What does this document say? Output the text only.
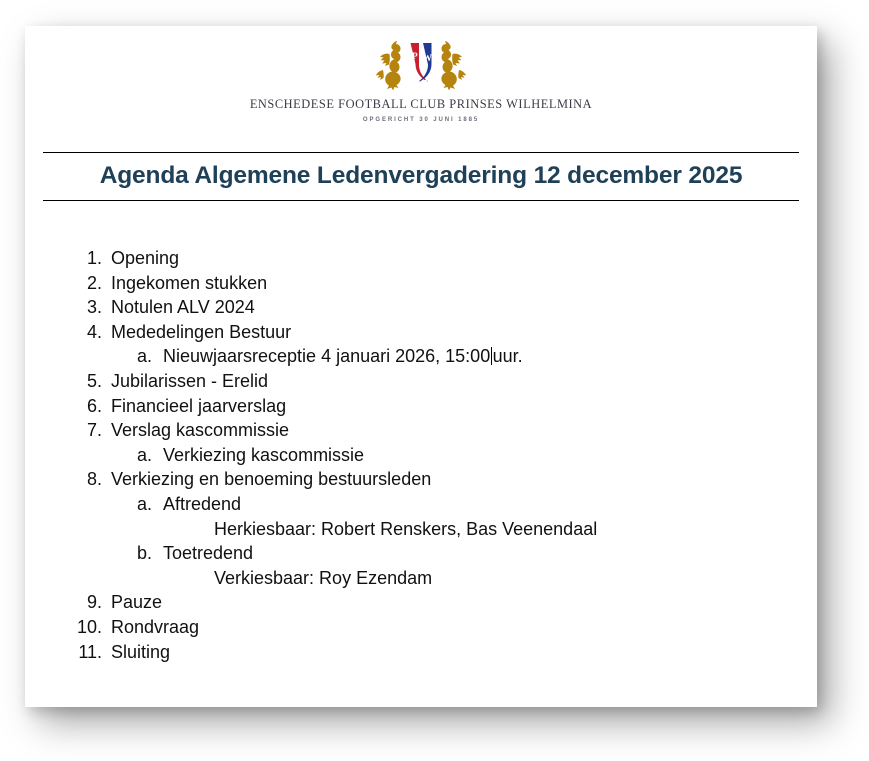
P W
ENSCHEDESE FOOTBALL CLUB PRINSES WILHELMINA
OPGERICHT 30 JUNI 1885
Agenda Algemene Ledenvergadering 12 december 2025
1. Opening
2. Ingekomen stukken
3. Notulen ALV 2024
4. Mededelingen Bestuur
a. Nieuwjaarsreceptie 4 januari 2026, 15:00 uur.
5. Jubilarissen - Erelid
6. Financieel jaarverslag
7. Verslag kascommissie
a. Verkiezing kascommissie
8. Verkiezing en benoeming bestuursleden
a. Aftredend
Herkiesbaar: Robert Renskers, Bas Veenendaal
b. Toetredend
Verkiesbaar: Roy Ezendam
9. Pauze
10. Rondvraag
11. Sluiting
